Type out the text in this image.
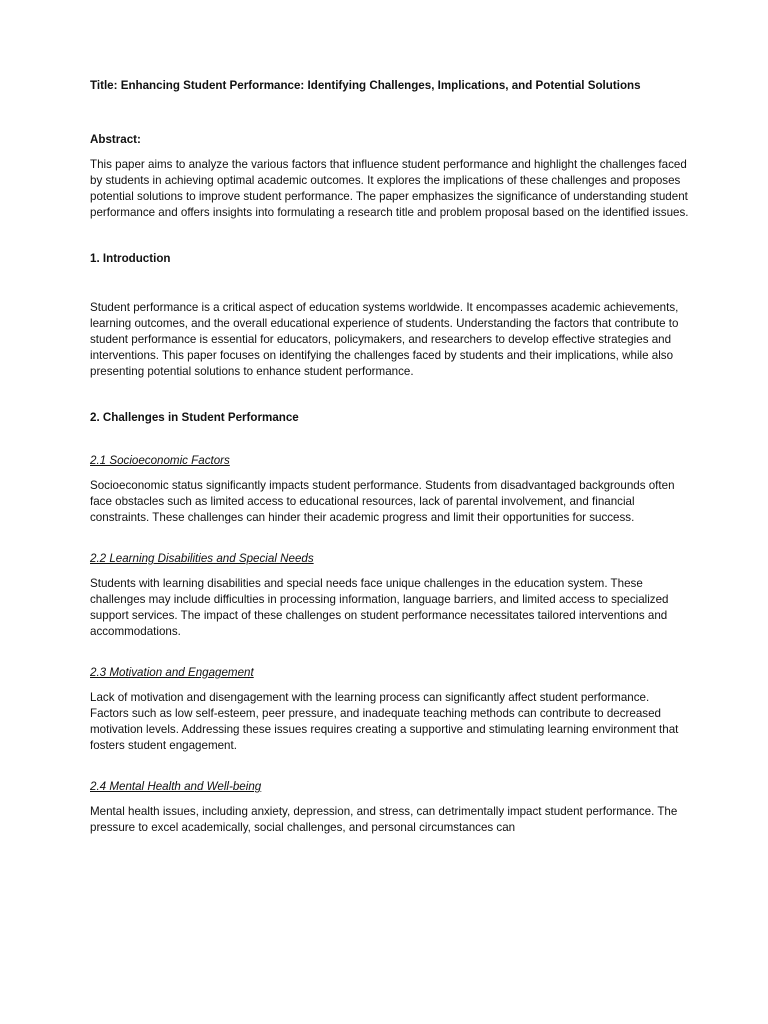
Title: Enhancing Student Performance: Identifying Challenges, Implications, and Potential Solutions

Abstract:

This paper aims to analyze the various factors that influence student performance and highlight the challenges faced by students in achieving optimal academic outcomes. It explores the implications of these challenges and proposes potential solutions to improve student performance. The paper emphasizes the significance of understanding student performance and offers insights into formulating a research title and problem proposal based on the identified issues.

1. Introduction

Student performance is a critical aspect of education systems worldwide. It encompasses academic achievements, learning outcomes, and the overall educational experience of students. Understanding the factors that contribute to student performance is essential for educators, policymakers, and researchers to develop effective strategies and interventions. This paper focuses on identifying the challenges faced by students and their implications, while also presenting potential solutions to enhance student performance.

2. Challenges in Student Performance

2.1 Socioeconomic Factors

Socioeconomic status significantly impacts student performance. Students from disadvantaged backgrounds often face obstacles such as limited access to educational resources, lack of parental involvement, and financial constraints. These challenges can hinder their academic progress and limit their opportunities for success.

2.2 Learning Disabilities and Special Needs

Students with learning disabilities and special needs face unique challenges in the education system. These challenges may include difficulties in processing information, language barriers, and limited access to specialized support services. The impact of these challenges on student performance necessitates tailored interventions and accommodations.

2.3 Motivation and Engagement

Lack of motivation and disengagement with the learning process can significantly affect student performance. Factors such as low self-esteem, peer pressure, and inadequate teaching methods can contribute to decreased motivation levels. Addressing these issues requires creating a supportive and stimulating learning environment that fosters student engagement.

2.4 Mental Health and Well-being

Mental health issues, including anxiety, depression, and stress, can detrimentally impact student performance. The pressure to excel academically, social challenges, and personal circumstances can
